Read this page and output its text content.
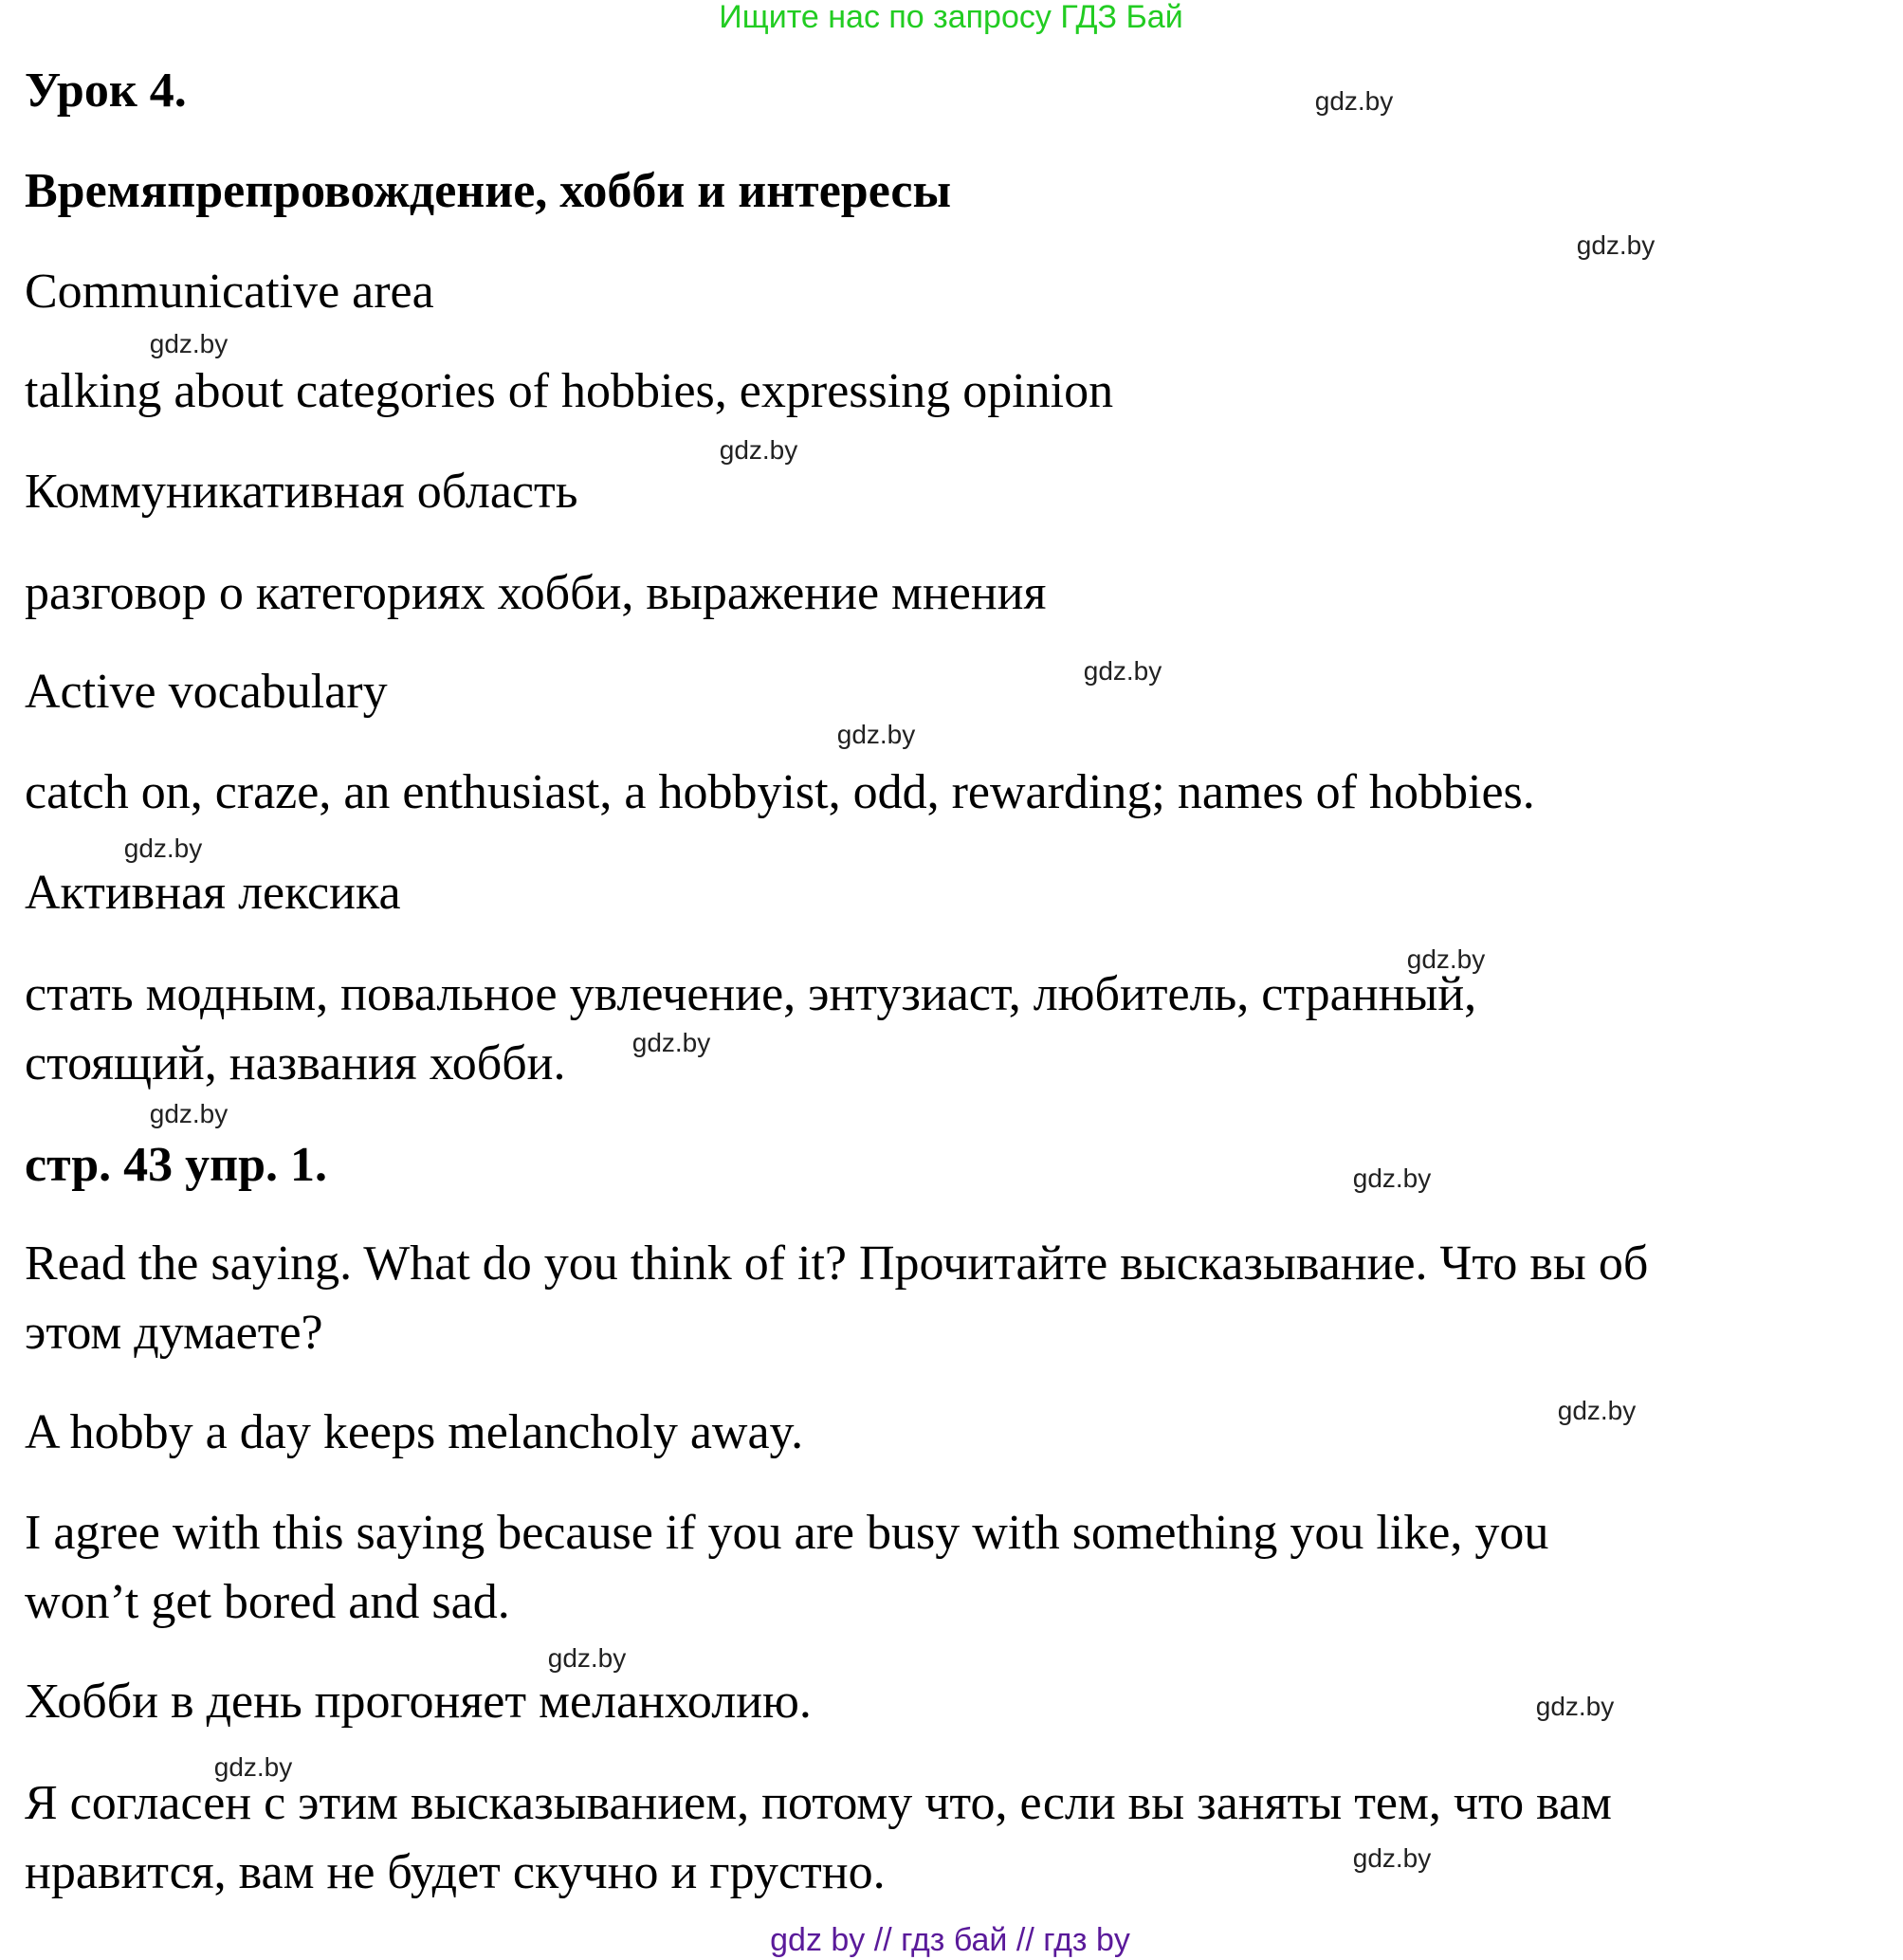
Ищите нас по запросу ГДЗ Бай
Урок 4.
Времяпрепровождение, хобби и интересы
Communicative area
talking about categories of hobbies, expressing opinion
Коммуникативная область
разговор о категориях хобби, выражение мнения
Active vocabulary
catch on, craze, an enthusiast, a hobbyist, odd, rewarding; names of hobbies.
Активная лексика
стать модным, повальное увлечение, энтузиаст, любитель, странный,
стоящий, названия хобби.
стр. 43 упр. 1.
Read the saying. What do you think of it? Прочитайте высказывание. Что вы об
этом думаете?
A hobby a day keeps melancholy away.
I agree with this saying because if you are busy with something you like, you
won’t get bored and sad.
Хобби в день прогоняет меланхолию.
Я согласен с этим высказыванием, потому что, если вы заняты тем, что вам
нравится, вам не будет скучно и грустно.
gdz.by
gdz.by
gdz.by
gdz.by
gdz.by
gdz.by
gdz.by
gdz.by
gdz.by
gdz.by
gdz.by
gdz.by
gdz.by
gdz.by
gdz.by
gdz.by
gdz by // гдз бай // гдз by
